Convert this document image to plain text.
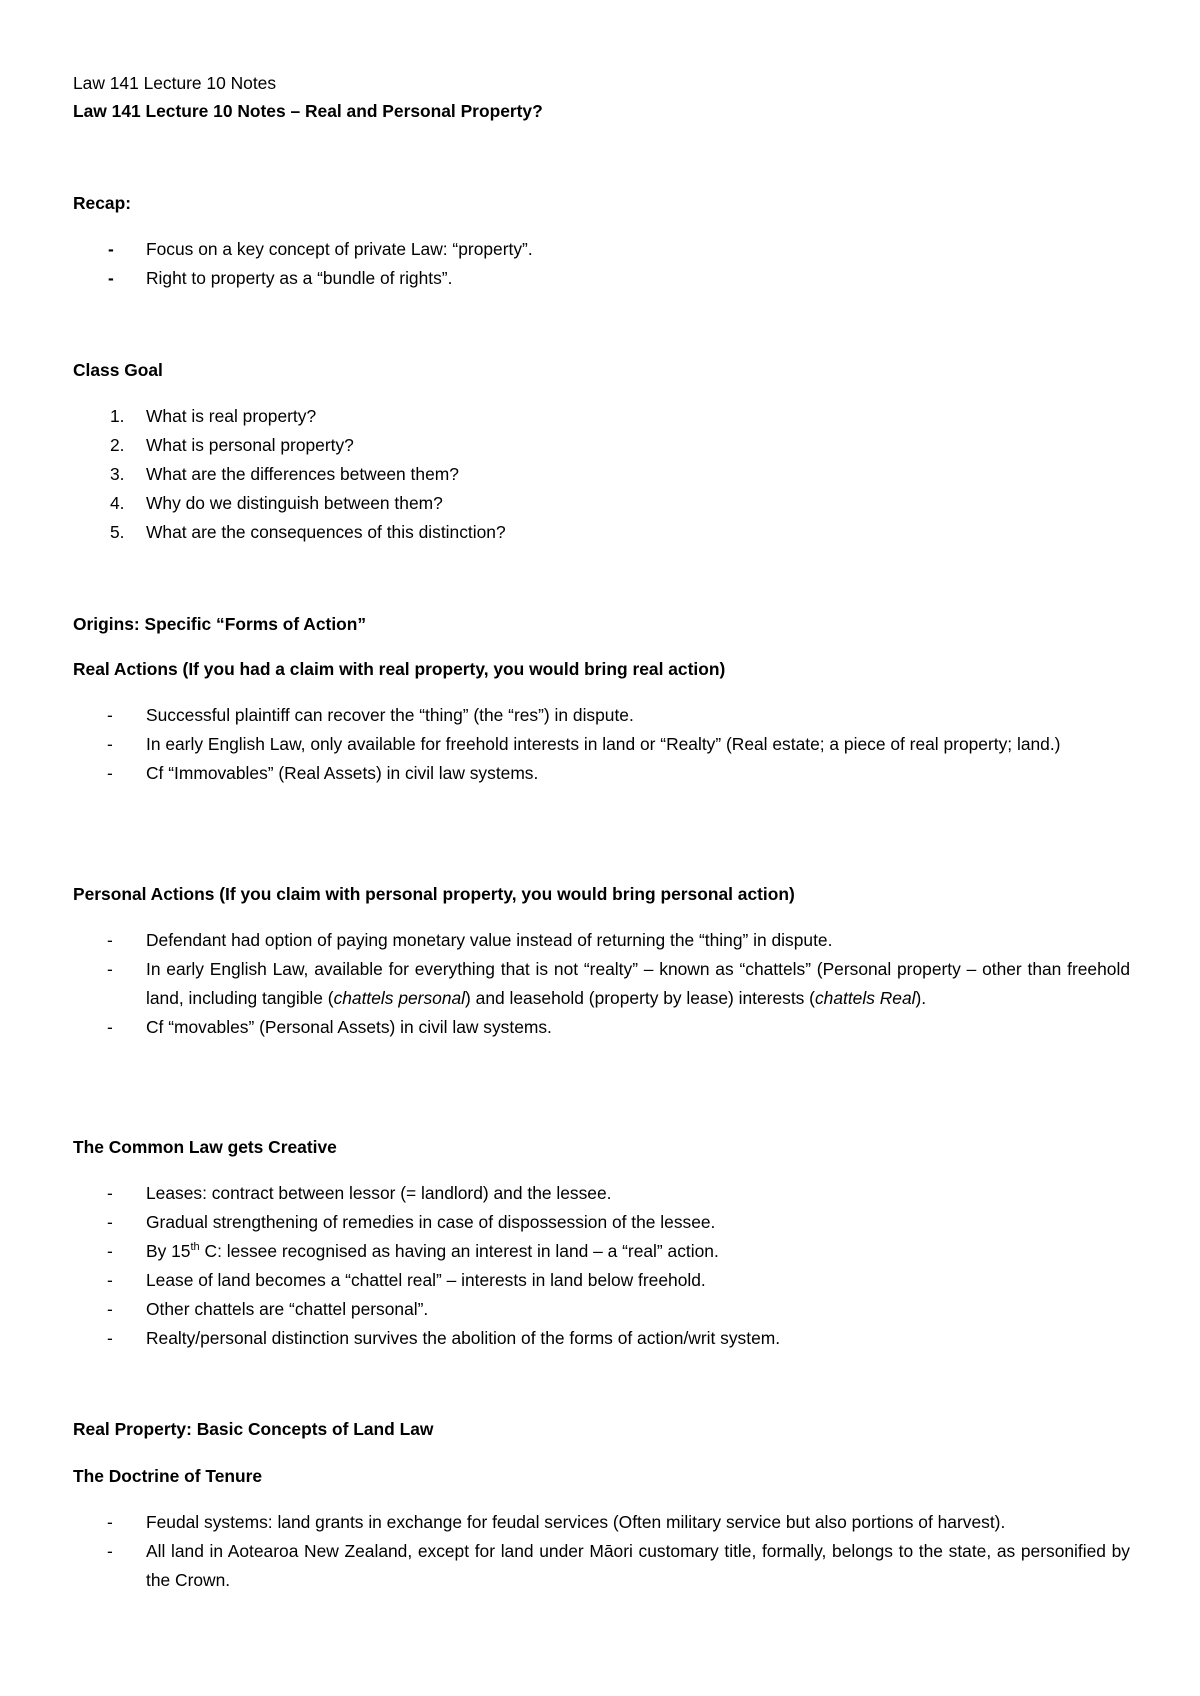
Law 141 Lecture 10 Notes

Law 141 Lecture 10 Notes – Real and Personal Property?
Recap:
- Focus on a key concept of private Law: “property”.
- Right to property as a “bundle of rights”.
Class Goal
1. What is real property?
2. What is personal property?
3. What are the differences between them?
4. Why do we distinguish between them?
5. What are the consequences of this distinction?
Origins: Specific “Forms of Action”
Real Actions (If you had a claim with real property, you would bring real action)
- Successful plaintiff can recover the “thing” (the “res”) in dispute.
- In early English Law, only available for freehold interests in land or “Realty” (Real estate; a piece of real property; land.)
- Cf “Immovables” (Real Assets) in civil law systems.
Personal Actions (If you claim with personal property, you would bring personal action)
- Defendant had option of paying monetary value instead of returning the “thing” in dispute.
- In early English Law, available for everything that is not “realty” – known as “chattels” (Personal property – other than freehold land, including tangible (chattels personal) and leasehold (property by lease) interests (chattels Real).
- Cf “movables” (Personal Assets) in civil law systems.
The Common Law gets Creative
- Leases: contract between lessor (= landlord) and the lessee.
- Gradual strengthening of remedies in case of dispossession of the lessee.
- By 15th C: lessee recognised as having an interest in land – a “real” action.
- Lease of land becomes a “chattel real” – interests in land below freehold.
- Other chattels are “chattel personal”.
- Realty/personal distinction survives the abolition of the forms of action/writ system.
Real Property: Basic Concepts of Land Law
The Doctrine of Tenure
- Feudal systems: land grants in exchange for feudal services (Often military service but also portions of harvest).
- All land in Aotearoa New Zealand, except for land under Māori customary title, formally, belongs to the state, as personified by the Crown.
